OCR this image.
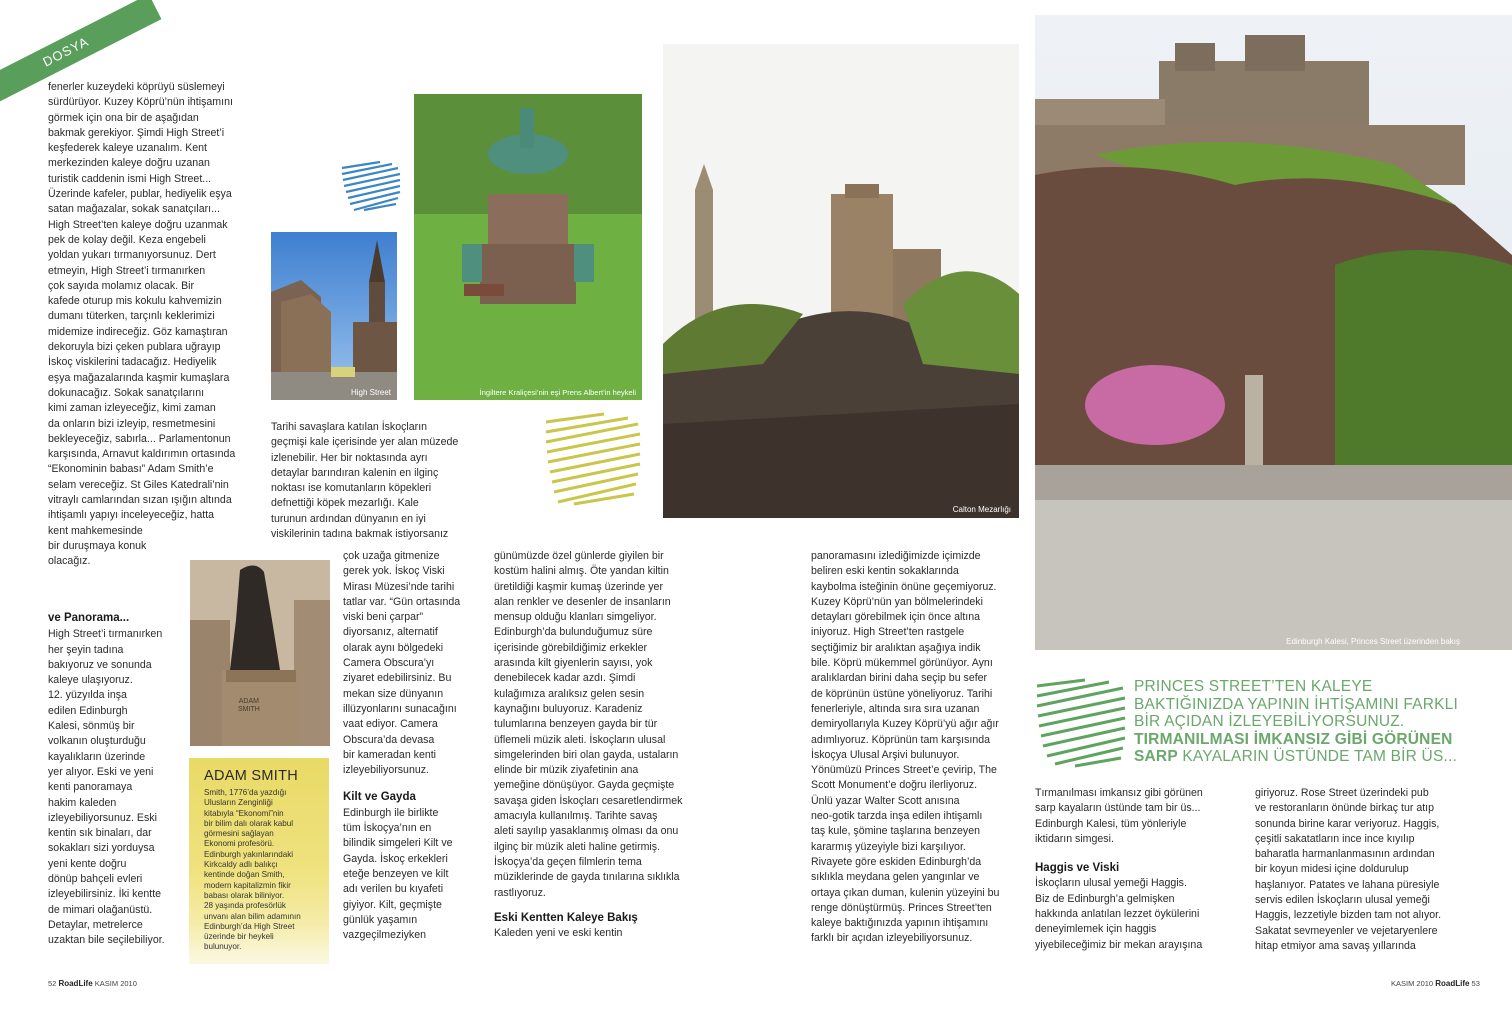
DOSYA

fenerler kuzeydeki köprüyü süslemeyi
sürdürüyor. Kuzey Köprü’nün ihtişamını
görmek için ona bir de aşağıdan
bakmak gerekiyor. Şimdi High Street’i
keşfederek kaleye uzanalım. Kent
merkezinden kaleye doğru uzanan
turistik caddenin ismi High Street...
Üzerinde kafeler, publar, hediyelik eşya
satan mağazalar, sokak sanatçıları...
High Street’ten kaleye doğru uzanmak
pek de kolay değil. Keza engebeli
yoldan yukarı tırmanıyorsunuz. Dert
etmeyin, High Street’i tırmanırken
çok sayıda molamız olacak. Bir
kafede oturup mis kokulu kahvemizin
dumanı tüterken, tarçınlı keklerimizi
midemize indireceğiz. Göz kamaştıran
dekoruyla bizi çeken publara uğrayıp
İskoç viskilerini tadacağız. Hediyelik
eşya mağazalarında kaşmir kumaşlara
dokunacağız. Sokak sanatçılarını
kimi zaman izleyeceğiz, kimi zaman
da onların bizi izleyip, resmetmesini
bekleyeceğiz, sabırla... Parlamentonun
karşısında, Arnavut kaldırımın ortasında
“Ekonominin babası” Adam Smith’e
selam vereceğiz. St Giles Katedrali’nin
vitraylı camlarından sızan ışığın altında
ihtişamlı yapıyı inceleyeceğiz, hatta
kent mahkemesinde
bir duruşmaya konuk
olacağız.

ve Panorama...

High Street’i tırmanırken
her şeyin tadına
bakıyoruz ve sonunda
kaleye ulaşıyoruz.
12. yüzyılda inşa
edilen Edinburgh
Kalesi, sönmüş bir
volkanın oluşturduğu
kayalıkların üzerinde
yer alıyor. Eski ve yeni
kenti panoramaya
hakim kaleden
izleyebiliyorsunuz. Eski
kentin sık binaları, dar
sokakları sizi yorduysa
yeni kente doğru
dönüp bahçeli evleri
izleyebilirsiniz. İki kentte
de mimari olağanüstü.
Detaylar, metrelerce
uzaktan bile seçilebiliyor.

High Street	İngiltere Kraliçesi’nin eşi Prens Albert’in heykeli

Tarihi savaşlara katılan İskoçların
geçmişi kale içerisinde yer alan müzede
izlenebilir. Her bir noktasında ayrı
detaylar barındıran kalenin en ilginç
noktası ise komutanların köpekleri
defnettiği köpek mezarlığı. Kale
turunun ardından dünyanın en iyi
viskilerinin tadına bakmak istiyorsanız

ADAM
SMITH
ADAM SMITH

Smith, 1776’da yazdığı
Ulusların Zenginliği
kitabıyla “Ekonomi”nin
bir bilim dalı olarak kabul
görmesini sağlayan
Ekonomi profesörü.
Edinburgh yakınlarındaki
Kirkcaldy adlı balıkçı
kentinde doğan Smith,
modern kapitalizmin fikir
babası olarak biliniyor.
28 yaşında profesörlük
unvanı alan bilim adamının
Edinburgh’da High Street
üzerinde bir heykeli
bulunuyor.

çok uzağa gitmenize
gerek yok. İskoç Viski
Mirası Müzesi’nde tarihi
tatlar var. “Gün ortasında
viski beni çarpar”
diyorsanız, alternatif
olarak aynı bölgedeki
Camera Obscura’yı
ziyaret edebilirsiniz. Bu
mekan size dünyanın
illüzyonlarını sunacağını
vaat ediyor. Camera
Obscura’da devasa
bir kameradan kenti
izleyebiliyorsunuz.

Kilt ve Gayda

Edinburgh ile birlikte
tüm İskoçya’nın en
bilindik simgeleri Kilt ve
Gayda. İskoç erkekleri
eteğe benzeyen ve kilt
adı verilen bu kıyafeti
giyiyor. Kilt, geçmişte
günlük yaşamın
vazgeçilmeziyken

günümüzde özel günlerde giyilen bir
kostüm halini almış. Öte yandan kiltin
üretildiği kaşmir kumaş üzerinde yer
alan renkler ve desenler de insanların
mensup olduğu klanları simgeliyor.
Edinburgh’da bulunduğumuz süre
içerisinde görebildiğimiz erkekler
arasında kilt giyenlerin sayısı, yok
denebilecek kadar azdı. Şimdi
kulağımıza aralıksız gelen sesin
kaynağını buluyoruz. Karadeniz
tulumlarına benzeyen gayda bir tür
üflemeli müzik aleti. İskoçların ulusal
simgelerinden biri olan gayda, ustaların
elinde bir müzik ziyafetinin ana
yemeğine dönüşüyor. Gayda geçmişte
savaşa giden İskoçları cesaretlendirmek
amacıyla kullanılmış. Tarihte savaş
aleti sayılıp yasaklanmış olması da onu
ilginç bir müzik aleti haline getirmiş.
İskoçya’da geçen filmlerin tema
müziklerinde de gayda tınılarına sıklıkla
rastlıyoruz.

Eski Kentten Kaleye Bakış

Kaleden yeni ve eski kentin

Calton Mezarlığı

panoramasını izlediğimizde içimizde
beliren eski kentin sokaklarında
kaybolma isteğinin önüne geçemiyoruz.
Kuzey Köprü’nün yan bölmelerindeki
detayları görebilmek için önce altına
iniyoruz. High Street’ten rastgele
seçtiğimiz bir aralıktan aşağıya indik
bile. Köprü mükemmel görünüyor. Aynı
aralıklardan birini daha seçip bu sefer
de köprünün üstüne yöneliyoruz. Tarihi
fenerleriyle, altında sıra sıra uzanan
demiryollarıyla Kuzey Köprü’yü ağır ağır
adımlıyoruz. Köprünün tam karşısında
İskoçya Ulusal Arşivi bulunuyor.
Yönümüzü Princes Street’e çevirip, The
Scott Monument’e doğru ilerliyoruz.
Ünlü yazar Walter Scott anısına
neo-gotik tarzda inşa edilen ihtişamlı
taş kule, şömine taşlarına benzeyen
kararmış yüzeyiyle bizi karşılıyor.
Rivayete göre eskiden Edinburgh’da
sıklıkla meydana gelen yangınlar ve
ortaya çıkan duman, kulenin yüzeyini bu
renge dönüştürmüş. Princes Street’ten
kaleye baktığınızda yapının ihtişamını
farklı bir açıdan izleyebiliyorsunuz.

Edinburgh Kalesi, Princes Street üzerinden bakış
PRINCES STREET’TEN KALEYE BAKTIĞINIZDA YAPININ İHTİŞAMINI FARKLI BİR AÇIDAN İZLEYEBİLİYORSUNUZ. TIRMANILMASI İMKANSIZ GİBİ GÖRÜNEN SARP KAYALARIN ÜSTÜNDE TAM BİR ÜS...

Tırmanılması imkansız gibi görünen
sarp kayaların üstünde tam bir üs...
Edinburgh Kalesi, tüm yönleriyle
iktidarın simgesi.

Haggis ve Viski

İskoçların ulusal yemeği Haggis.
Biz de Edinburgh’a gelmişken
hakkında anlatılan lezzet öykülerini
deneyimlemek için haggis
yiyebileceğimiz bir mekan arayışına

giriyoruz. Rose Street üzerindeki pub
ve restoranların önünde birkaç tur atıp
sonunda birine karar veriyoruz. Haggis,
çeşitli sakatatların ince ince kıyılıp
baharatla harmanlanmasının ardından
bir koyun midesi içine doldurulup
haşlanıyor. Patates ve lahana püresiyle
servis edilen İskoçların ulusal yemeği
Haggis, lezzetiyle bizden tam not alıyor.
Sakatat sevmeyenler ve vejetaryenlere
hitap etmiyor ama savaş yıllarında

52 RoadLife KASIM 2010	KASIM 2010 RoadLife 53
